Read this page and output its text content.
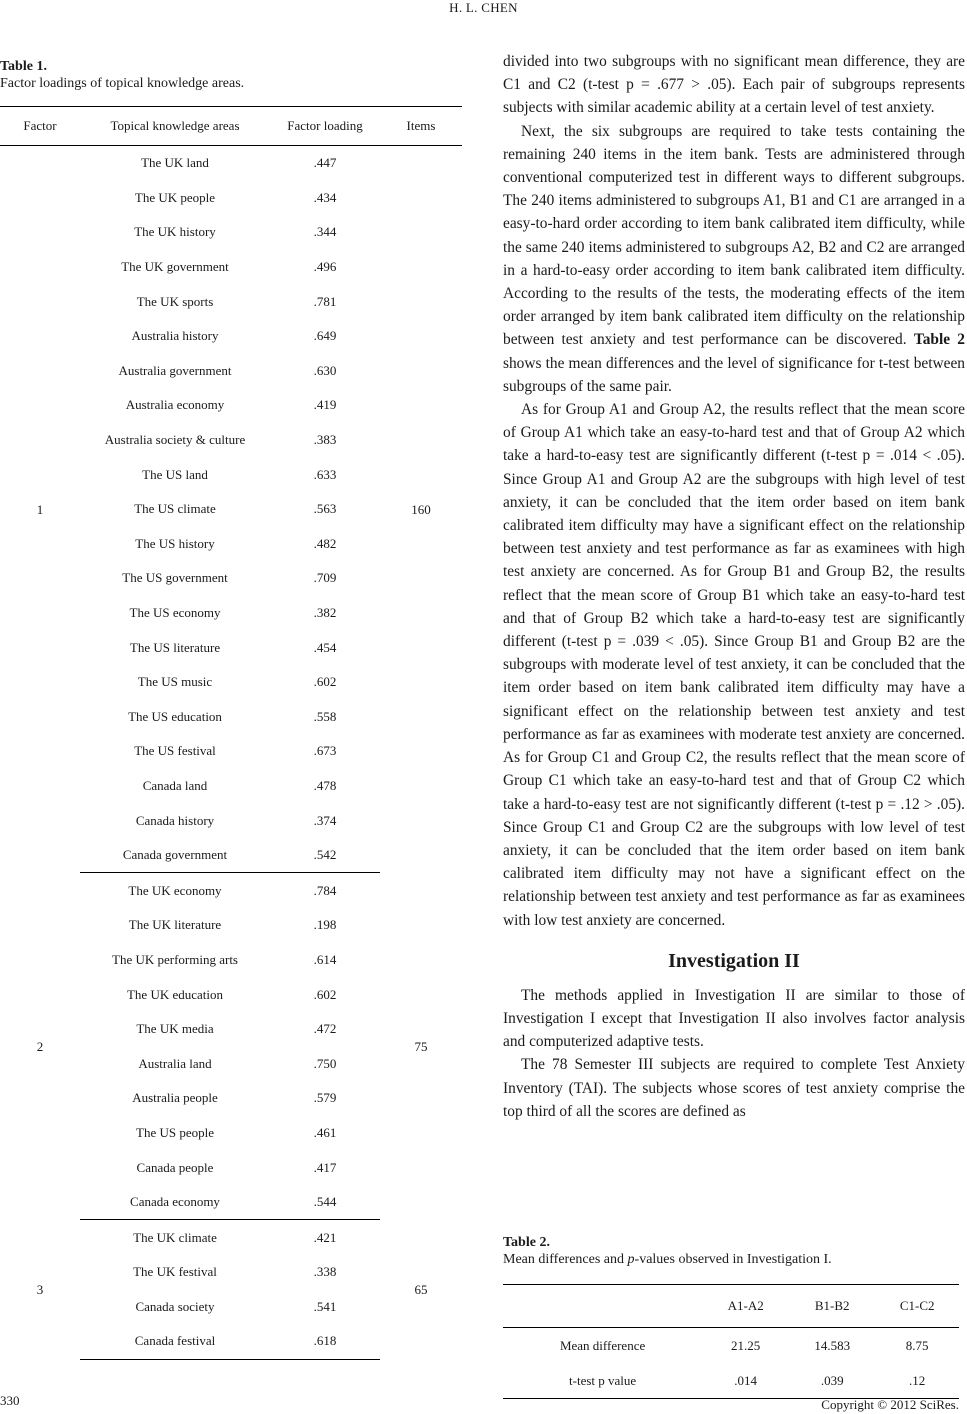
H. L. CHEN
Table 1.
Factor loadings of topical knowledge areas.
Factor	Topical knowledge areas	Factor loading	Items
1	The UK land	.447	160
	The UK people	.434	
	The UK history	.344	
	The UK government	.496	
	The UK sports	.781	
	Australia history	.649	
	Australia government	.630	
	Australia economy	.419	
	Australia society & culture	.383	
	The US land	.633	
	The US climate	.563	
	The US history	.482	
	The US government	.709	
	The US economy	.382	
	The US literature	.454	
	The US music	.602	
	The US education	.558	
	The US festival	.673	
	Canada land	.478	
	Canada history	.374	
	Canada government	.542	
2	The UK economy	.784	75
	The UK literature	.198	
	The UK performing arts	.614	
	The UK education	.602	
	The UK media	.472	
	Australia land	.750	
	Australia people	.579	
	The US people	.461	
	Canada people	.417	
	Canada economy	.544	
3	The UK climate	.421	65
	The UK festival	.338	
	Canada society	.541	
	Canada festival	.618	

divided into two subgroups with no significant mean difference, they are C1 and C2 (t-test p = .677 > .05). Each pair of subgroups represents subjects with similar academic ability at a certain level of test anxiety.

Next, the six subgroups are required to take tests containing the remaining 240 items in the item bank. Tests are administered through conventional computerized test in different ways to different subgroups. The 240 items administered to subgroups A1, B1 and C1 are arranged in a easy-to-hard order according to item bank calibrated item difficulty, while the same 240 items administered to subgroups A2, B2 and C2 are arranged in a hard-to-easy order according to item bank calibrated item difficulty. According to the results of the tests, the moderating effects of the item order arranged by item bank calibrated item difficulty on the relationship between test anxiety and test performance can be discovered. Table 2 shows the mean differences and the level of significance for t-test between subgroups of the same pair.

As for Group A1 and Group A2, the results reflect that the mean score of Group A1 which take an easy-to-hard test and that of Group A2 which take a hard-to-easy test are significantly different (t-test p = .014 < .05). Since Group A1 and Group A2 are the subgroups with high level of test anxiety, it can be concluded that the item order based on item bank calibrated item difficulty may have a significant effect on the relationship between test anxiety and test performance as far as examinees with high test anxiety are concerned. As for Group B1 and Group B2, the results reflect that the mean score of Group B1 which take an easy-to-hard test and that of Group B2 which take a hard-to-easy test are significantly different (t-test p = .039 < .05). Since Group B1 and Group B2 are the subgroups with moderate level of test anxiety, it can be concluded that the item order based on item bank calibrated item difficulty may have a significant effect on the relationship between test anxiety and test performance as far as examinees with moderate test anxiety are concerned. As for Group C1 and Group C2, the results reflect that the mean score of Group C1 which take an easy-to-hard test and that of Group C2 which take a hard-to-easy test are not significantly different (t-test p = .12 > .05). Since Group C1 and Group C2 are the subgroups with low level of test anxiety, it can be concluded that the item order based on item bank calibrated item difficulty may not have a significant effect on the relationship between test anxiety and test performance as far as examinees with low test anxiety are concerned.

Investigation II

The methods applied in Investigation II are similar to those of Investigation I except that Investigation II also involves factor analysis and computerized adaptive tests.

The 78 Semester III subjects are required to complete Test Anxiety Inventory (TAI). The subjects whose scores of test anxiety comprise the top third of all the scores are defined as

Table 2.
Mean differences and p-values observed in Investigation I.
	A1-A2	B1-B2	C1-C2
Mean difference	21.25	14.583	8.75
t-test p value	.014	.039	.12
330	Copyright © 2012 SciRes.
